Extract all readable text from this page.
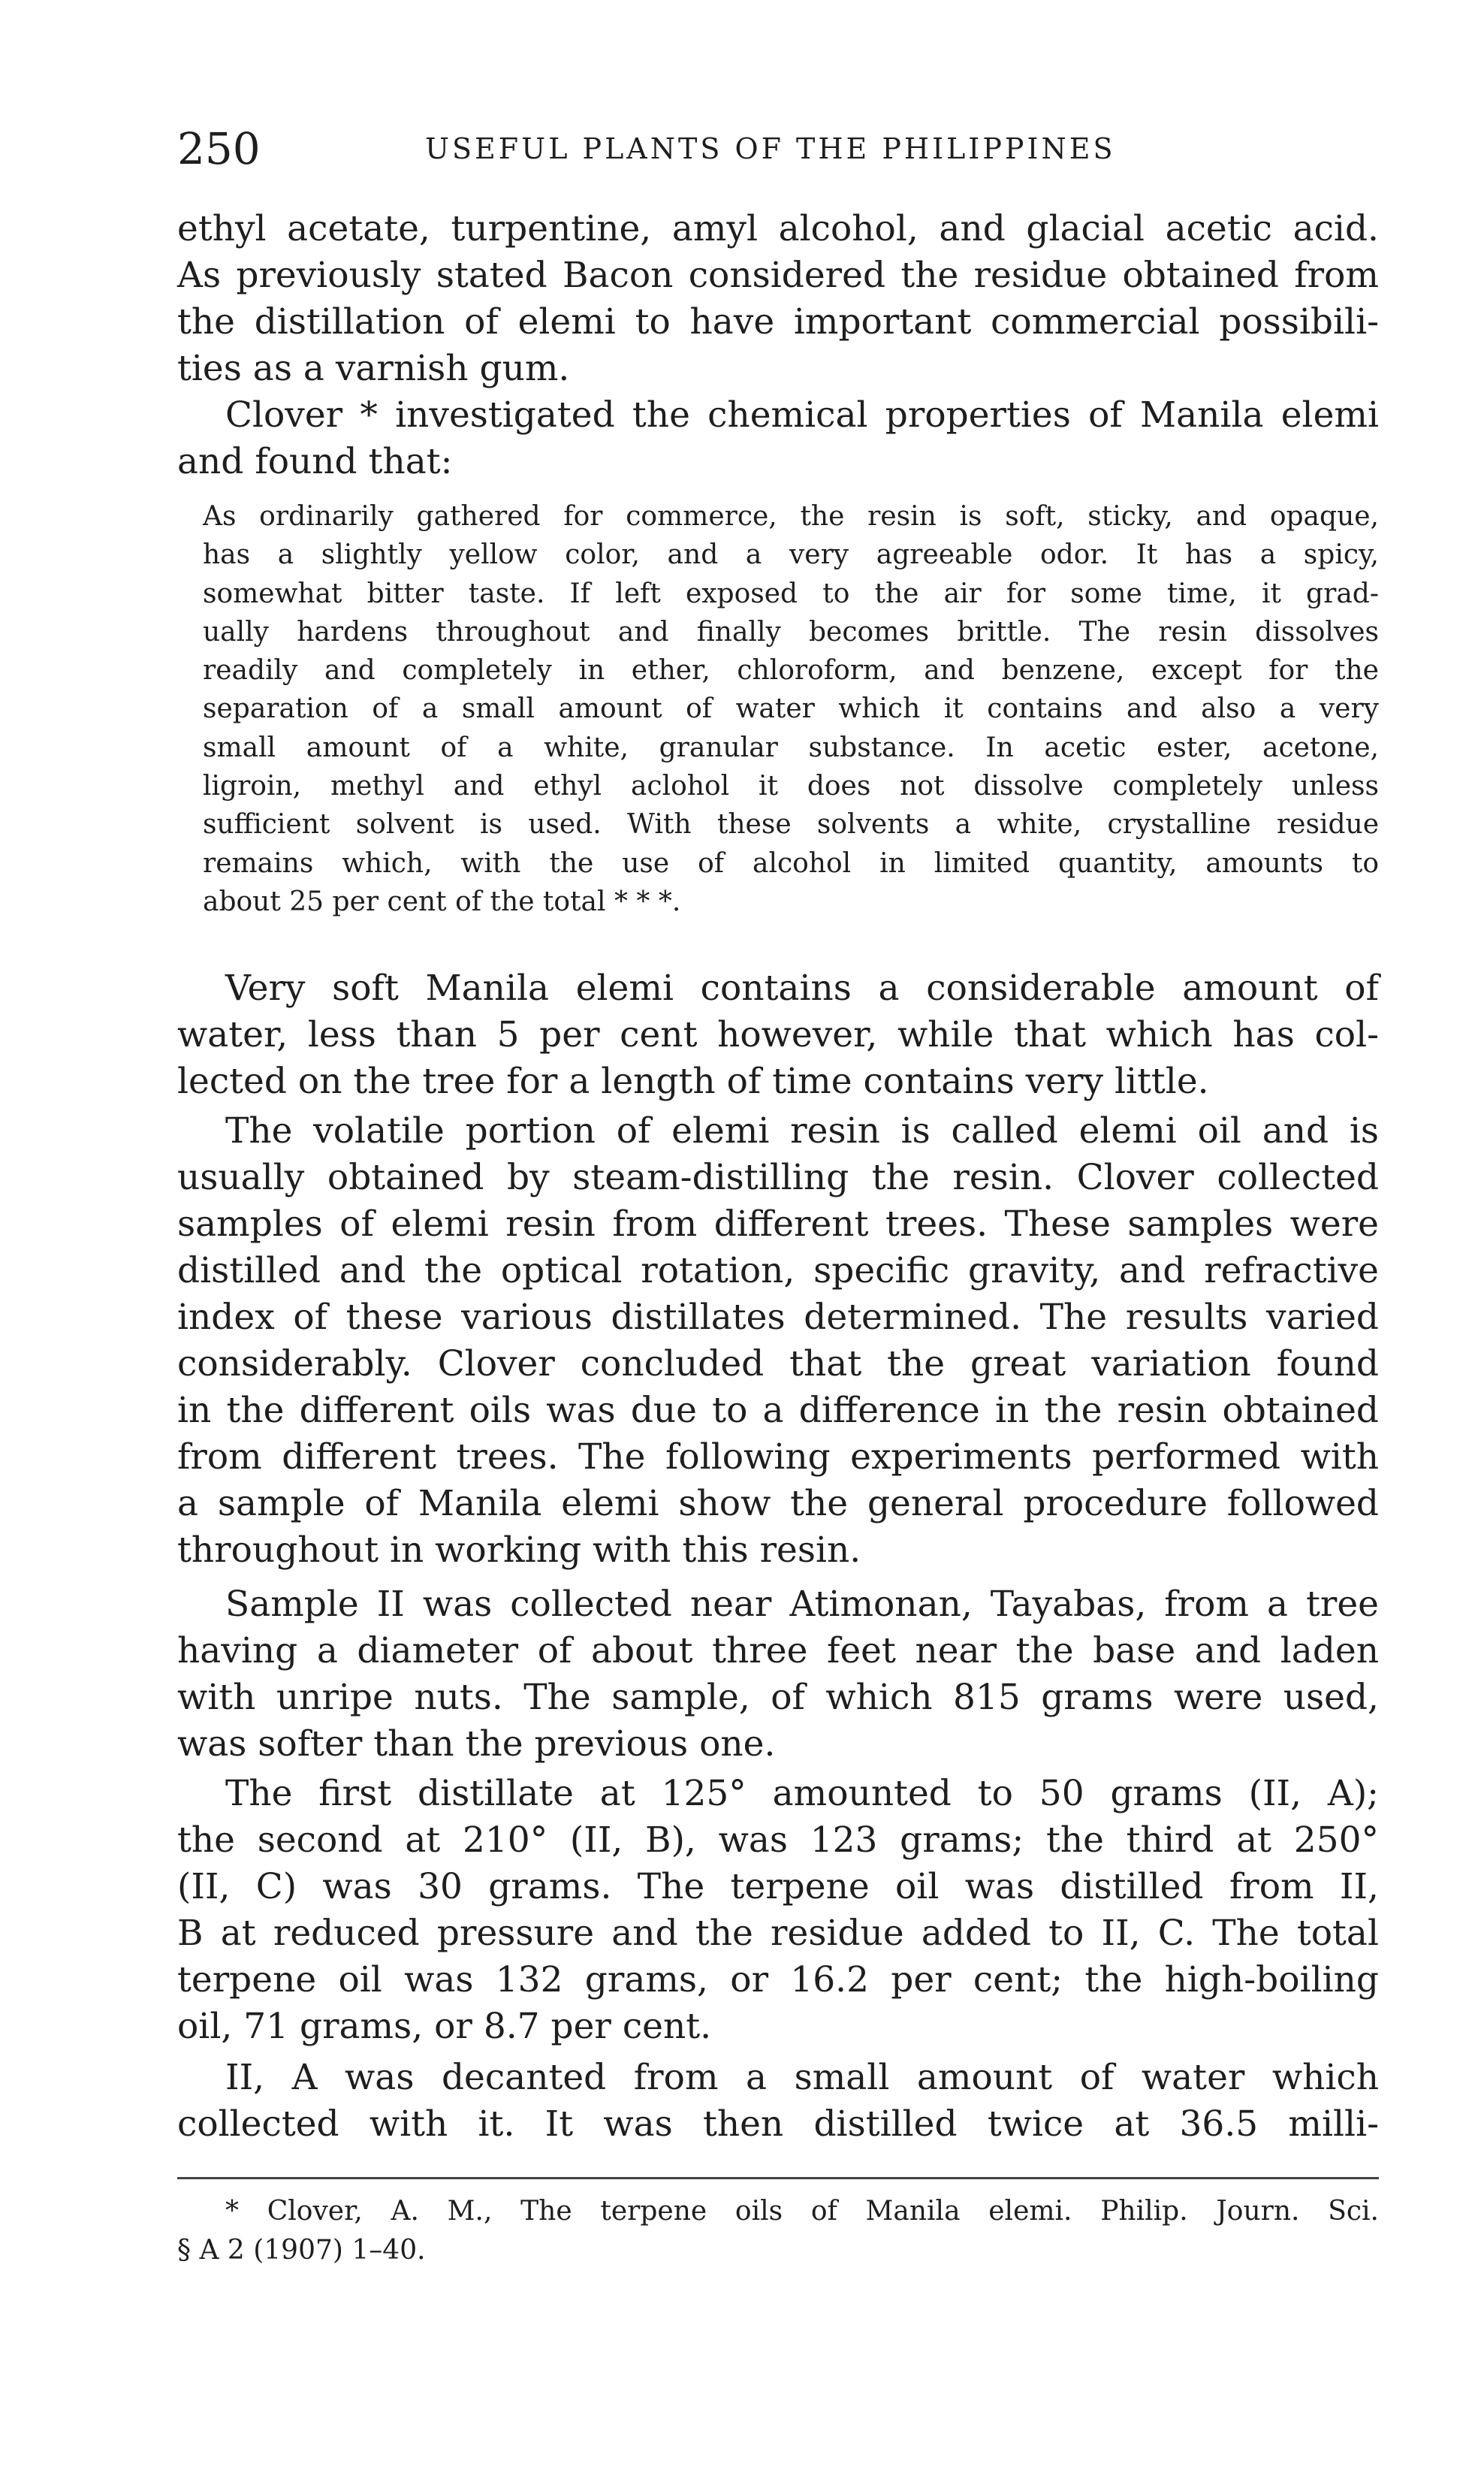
250	USEFUL PLANTS OF THE PHILIPPINES
ethyl acetate, turpentine, amyl alcohol, and glacial acetic acid.
As previously stated Bacon considered the residue obtained from
the distillation of elemi to have important commercial possibili-
ties as a varnish gum.
Clover * investigated the chemical properties of Manila elemi
and found that:
As ordinarily gathered for commerce, the resin is soft, sticky, and opaque,
has a slightly yellow color, and a very agreeable odor. It has a spicy,
somewhat bitter taste. If left exposed to the air for some time, it grad-
ually hardens throughout and finally becomes brittle. The resin dissolves
readily and completely in ether, chloroform, and benzene, except for the
separation of a small amount of water which it contains and also a very
small amount of a white, granular substance. In acetic ester, acetone,
ligroin, methyl and ethyl aclohol it does not dissolve completely unless
sufficient solvent is used. With these solvents a white, crystalline residue
remains which, with the use of alcohol in limited quantity, amounts to
about 25 per cent of the total * * *.
Very soft Manila elemi contains a considerable amount of
water, less than 5 per cent however, while that which has col-
lected on the tree for a length of time contains very little.
The volatile portion of elemi resin is called elemi oil and is
usually obtained by steam-distilling the resin. Clover collected
samples of elemi resin from different trees. These samples were
distilled and the optical rotation, specific gravity, and refractive
index of these various distillates determined. The results varied
considerably. Clover concluded that the great variation found
in the different oils was due to a difference in the resin obtained
from different trees. The following experiments performed with
a sample of Manila elemi show the general procedure followed
throughout in working with this resin.
Sample II was collected near Atimonan, Tayabas, from a tree
having a diameter of about three feet near the base and laden
with unripe nuts. The sample, of which 815 grams were used,
was softer than the previous one.
The first distillate at 125° amounted to 50 grams (II, A);
the second at 210° (II, B), was 123 grams; the third at 250°
(II, C) was 30 grams. The terpene oil was distilled from II,
B at reduced pressure and the residue added to II, C. The total
terpene oil was 132 grams, or 16.2 per cent; the high-boiling
oil, 71 grams, or 8.7 per cent.
II, A was decanted from a small amount of water which
collected with it. It was then distilled twice at 36.5 milli-
* Clover, A. M., The terpene oils of Manila elemi. Philip. Journ. Sci.
§ A 2 (1907) 1–40.
